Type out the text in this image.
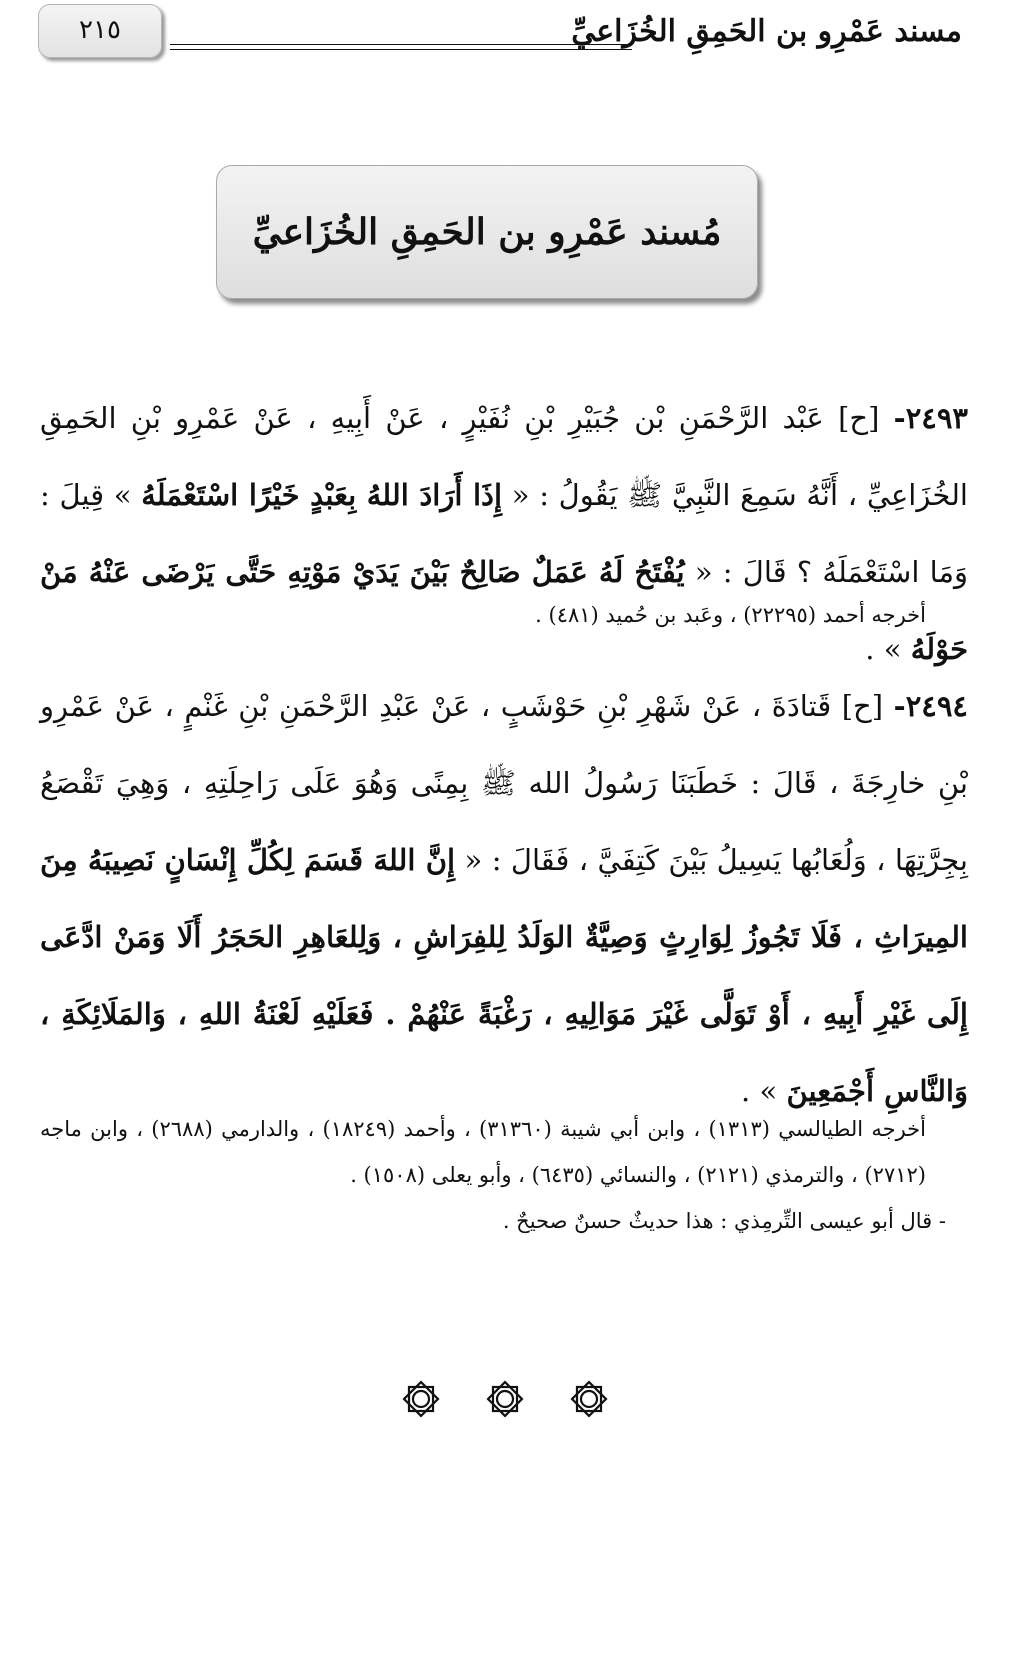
مسند عَمْرِو بن الحَمِقِ الخُزَاعيِّ
٢١٥
مُسند عَمْرِو بن الحَمِقِ الخُزَاعيِّ

٢٤٩٣- [ح] عَبْد الرَّحْمَنِ بْن جُبَيْرِ بْنِ نُفَيْرٍ ، عَنْ أَبِيهِ ، عَنْ عَمْرِو بْنِ الحَمِقِ الخُزَاعِيِّ ، أَنَّهُ سَمِعَ النَّبِيَّ ﷺ يَقُولُ : « إِذَا أَرَادَ اللهُ بِعَبْدٍ خَيْرًا اسْتَعْمَلَهُ » قِيلَ : وَمَا اسْتَعْمَلَهُ ؟ قَالَ : « يُفْتَحُ لَهُ عَمَلٌ صَالِحٌ بَيْنَ يَدَيْ مَوْتِهِ حَتَّى يَرْضَى عَنْهُ مَنْ حَوْلَهُ » .

أخرجه أحمد (٢٢٢٩٥) ، وعَبد بن حُميد (٤٨١) .

٢٤٩٤- [ح] قَتادَةَ ، عَنْ شَهْرِ بْنِ حَوْشَبٍ ، عَنْ عَبْدِ الرَّحْمَنِ بْنِ غَنْمٍ ، عَنْ عَمْرِو بْنِ خارِجَةَ ، قَالَ : خَطَبَنَا رَسُولُ الله ﷺ بِمِنًى وَهُوَ عَلَى رَاحِلَتِهِ ، وَهِيَ تَقْصَعُ بِجِرَّتِهَا ، وَلُعَابُها يَسِيلُ بَيْنَ كَتِفَيَّ ، فَقَالَ : « إِنَّ اللهَ قَسَمَ لِكُلِّ إِنْسَانٍ نَصِيبَهُ مِنَ المِيرَاثِ ، فَلَا تَجُوزُ لِوَارِثٍ وَصِيَّةٌ الوَلَدُ لِلفِرَاشِ ، وَلِلعَاهِرِ الحَجَرُ أَلَا وَمَنْ ادَّعَى إِلَى غَيْرِ أَبِيهِ ، أَوْ تَوَلَّى غَيْرَ مَوَالِيهِ ، رَغْبَةً عَنْهُمْ . فَعَلَيْهِ لَعْنَةُ اللهِ ، وَالمَلَائِكَةِ ، وَالنَّاسِ أَجْمَعِينَ » .

أخرجه الطيالسي (١٣١٣) ، وابن أبي شيبة (٣١٣٦٠) ، وأحمد (١٨٢٤٩) ، والدارمي (٢٦٨٨) ، وابن ماجه (٢٧١٢) ، والترمذي (٢١٢١) ، والنسائي (٦٤٣٥) ، وأبو يعلى (١٥٠٨) .

- قال أبو عيسى التِّرمِذي : هذا حديثٌ حسنٌ صحيحٌ .
